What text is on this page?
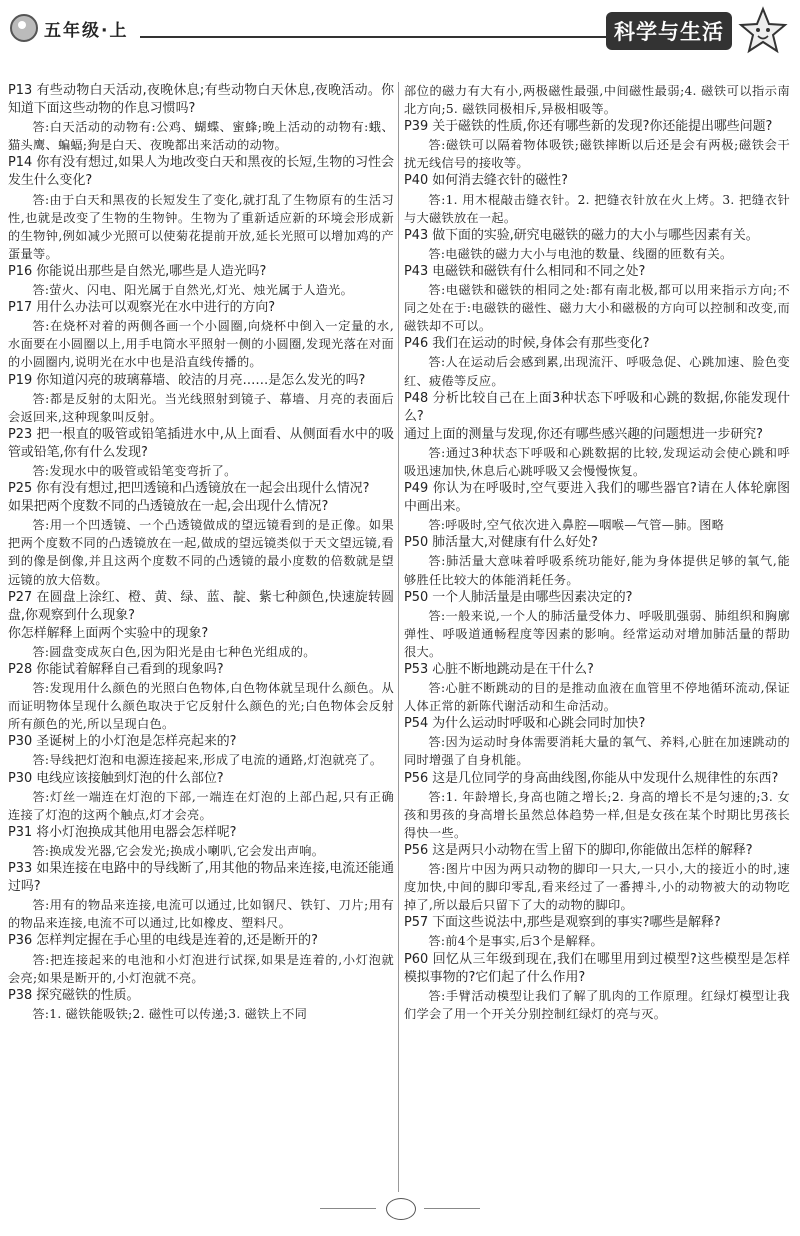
五年级·上	科学与生活

P13 有些动物白天活动,夜晚休息;有些动物白天休息,夜晚活动。你知道下面这些动物的作息习惯吗?

答:白天活动的动物有:公鸡、蝴蝶、蜜蜂;晚上活动的动物有:蛾、猫头鹰、蝙蝠;狗是白天、夜晚都出来活动的动物。

P14 你有没有想过,如果人为地改变白天和黑夜的长短,生物的习性会发生什么变化?

答:由于白天和黑夜的长短发生了变化,就打乱了生物原有的生活习性,也就是改变了生物的生物钟。生物为了重新适应新的环境会形成新的生物钟,例如减少光照可以使菊花提前开放,延长光照可以增加鸡的产蛋量等。

P16 你能说出那些是自然光,哪些是人造光吗?

答:萤火、闪电、阳光属于自然光,灯光、烛光属于人造光。

P17 用什么办法可以观察光在水中进行的方向?

答:在烧杯对着的两侧各画一个小圆圈,向烧杯中倒入一定量的水,水面要在小圆圈以上,用手电筒水平照射一侧的小圆圈,发现光落在对面的小圆圈内,说明光在水中也是沿直线传播的。

P19 你知道闪亮的玻璃幕墙、皎洁的月亮……是怎么发光的吗?

答:都是反射的太阳光。当光线照射到镜子、幕墙、月亮的表面后会返回来,这种现象叫反射。

P23 把一根直的吸管或铅笔插进水中,从上面看、从侧面看水中的吸管或铅笔,你有什么发现?

答:发现水中的吸管或铅笔变弯折了。

P25 你有没有想过,把凹透镜和凸透镜放在一起会出现什么情况?

如果把两个度数不同的凸透镜放在一起,会出现什么情况?

答:用一个凹透镜、一个凸透镜做成的望远镜看到的是正像。如果把两个度数不同的凸透镜放在一起,做成的望远镜类似于天文望远镜,看到的像是倒像,并且这两个度数不同的凸透镜的最小度数的倍数就是望远镜的放大倍数。

P27 在圆盘上涂红、橙、黄、绿、蓝、靛、紫七种颜色,快速旋转圆盘,你观察到什么现象?

你怎样解释上面两个实验中的现象?

答:圆盘变成灰白色,因为阳光是由七种色光组成的。

P28 你能试着解释自己看到的现象吗?

答:发现用什么颜色的光照白色物体,白色物体就呈现什么颜色。从而证明物体呈现什么颜色取决于它反射什么颜色的光;白色物体会反射所有颜色的光,所以呈现白色。

P30 圣诞树上的小灯泡是怎样亮起来的?

答:导线把灯泡和电源连接起来,形成了电流的通路,灯泡就亮了。

P30 电线应该接触到灯泡的什么部位?

答:灯丝一端连在灯泡的下部,一端连在灯泡的上部凸起,只有正确连接了灯泡的这两个触点,灯才会亮。

P31 将小灯泡换成其他用电器会怎样呢?

答:换成发光器,它会发光;换成小喇叭,它会发出声响。

P33 如果连接在电路中的导线断了,用其他的物品来连接,电流还能通过吗?

答:用有的物品来连接,电流可以通过,比如钢尺、铁钉、刀片;用有的物品来连接,电流不可以通过,比如橡皮、塑料尺。

P36 怎样判定握在手心里的电线是连着的,还是断开的?

答:把连接起来的电池和小灯泡进行试探,如果是连着的,小灯泡就会亮;如果是断开的,小灯泡就不亮。

P38 探究磁铁的性质。

答:1. 磁铁能吸铁;2. 磁性可以传递;3. 磁铁上不同

部位的磁力有大有小,两极磁性最强,中间磁性最弱;4. 磁铁可以指示南北方向;5. 磁铁同极相斥,异极相吸等。

P39 关于磁铁的性质,你还有哪些新的发现?你还能提出哪些问题?

答:磁铁可以隔着物体吸铁;磁铁摔断以后还是会有两极;磁铁会干扰无线信号的接收等。

P40 如何消去缝衣针的磁性?

答:1. 用木棍敲击缝衣针。2. 把缝衣针放在火上烤。3. 把缝衣针与大磁铁放在一起。

P43 做下面的实验,研究电磁铁的磁力的大小与哪些因素有关。

答:电磁铁的磁力大小与电池的数量、线圈的匝数有关。

P43 电磁铁和磁铁有什么相同和不同之处?

答:电磁铁和磁铁的相同之处:都有南北极,都可以用来指示方向;不同之处在于:电磁铁的磁性、磁力大小和磁极的方向可以控制和改变,而磁铁却不可以。

P46 我们在运动的时候,身体会有那些变化?

答:人在运动后会感到累,出现流汗、呼吸急促、心跳加速、脸色变红、疲倦等反应。

P48 分析比较自己在上面3种状态下呼吸和心跳的数据,你能发现什么?

通过上面的测量与发现,你还有哪些感兴趣的问题想进一步研究?

答:通过3种状态下呼吸和心跳数据的比较,发现运动会使心跳和呼吸迅速加快,休息后心跳呼吸又会慢慢恢复。

P49 你认为在呼吸时,空气要进入我们的哪些器官?请在人体轮廓图中画出来。

答:呼吸时,空气依次进入鼻腔—咽喉—气管—肺。图略

P50 肺活量大,对健康有什么好处?

答:肺活量大意味着呼吸系统功能好,能为身体提供足够的氧气,能够胜任比较大的体能消耗任务。

P50 一个人肺活量是由哪些因素决定的?

答:一般来说,一个人的肺活量受体力、呼吸肌强弱、肺组织和胸廓弹性、呼吸道通畅程度等因素的影响。经常运动对增加肺活量的帮助很大。

P53 心脏不断地跳动是在干什么?

答:心脏不断跳动的目的是推动血液在血管里不停地循环流动,保证人体正常的新陈代谢活动和生命活动。

P54 为什么运动时呼吸和心跳会同时加快?

答:因为运动时身体需要消耗大量的氧气、养料,心脏在加速跳动的同时增强了自身机能。

P56 这是几位同学的身高曲线图,你能从中发现什么规律性的东西?

答:1. 年龄增长,身高也随之增长;2. 身高的增长不是匀速的;3. 女孩和男孩的身高增长虽然总体趋势一样,但是女孩在某个时期比男孩长得快一些。

P56 这是两只小动物在雪上留下的脚印,你能做出怎样的解释?

答:图片中因为两只动物的脚印一只大,一只小,大的接近小的时,速度加快,中间的脚印零乱,看来经过了一番搏斗,小的动物被大的动物吃掉了,所以最后只留下了大的动物的脚印。

P57 下面这些说法中,那些是观察到的事实?哪些是解释?

答:前4个是事实,后3个是解释。

P60 回忆从三年级到现在,我们在哪里用到过模型?这些模型是怎样模拟事物的?它们起了什么作用?

答:手臂活动模型让我们了解了肌肉的工作原理。红绿灯模型让我们学会了用一个开关分别控制红绿灯的亮与灭。
